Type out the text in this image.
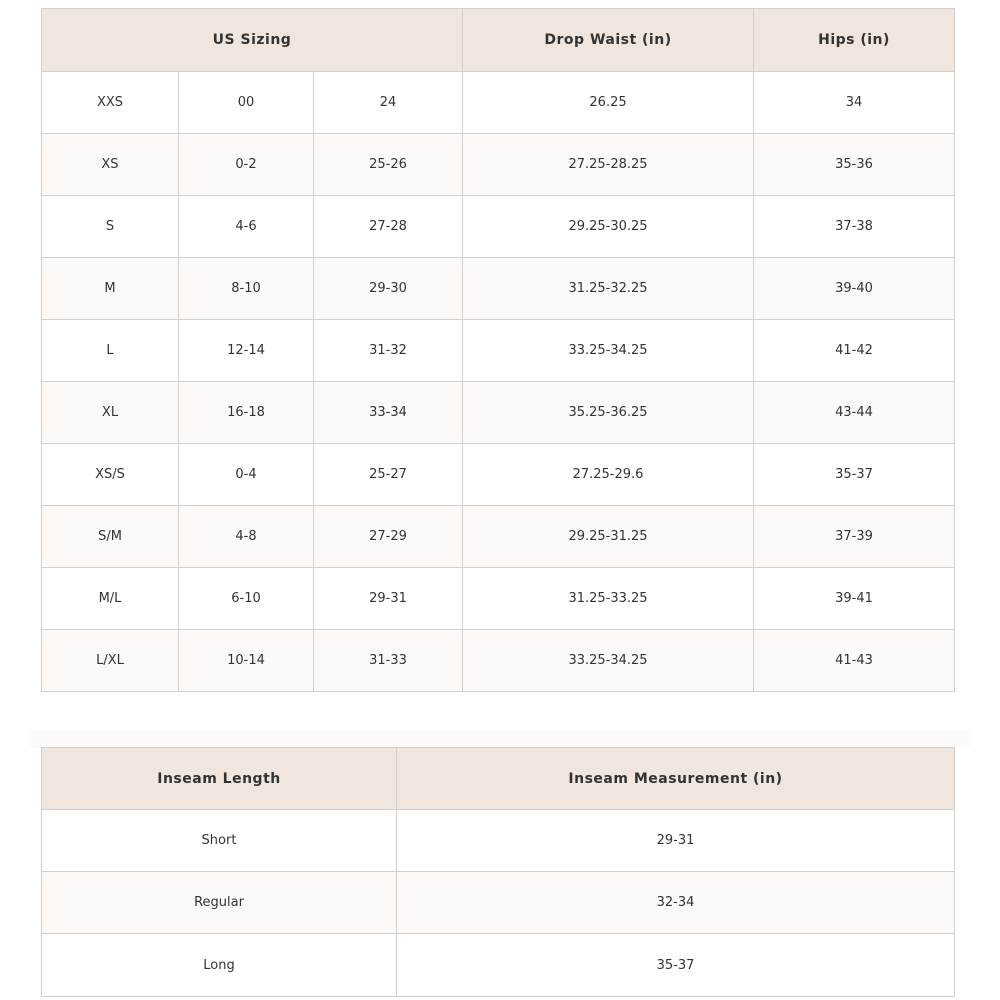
US Sizing			Drop Waist (in)	Hips (in)
XXS	00	24	26.25	34
XS	0-2	25-26	27.25-28.25	35-36
S	4-6	27-28	29.25-30.25	37-38
M	8-10	29-30	31.25-32.25	39-40
L	12-14	31-32	33.25-34.25	41-42
XL	16-18	33-34	35.25-36.25	43-44
XS/S	0-4	25-27	27.25-29.6	35-37
S/M	4-8	27-29	29.25-31.25	37-39
M/L	6-10	29-31	31.25-33.25	39-41
L/XL	10-14	31-33	33.25-34.25	41-43
Inseam Length	Inseam Measurement (in)
Short	29-31
Regular	32-34
Long	35-37
